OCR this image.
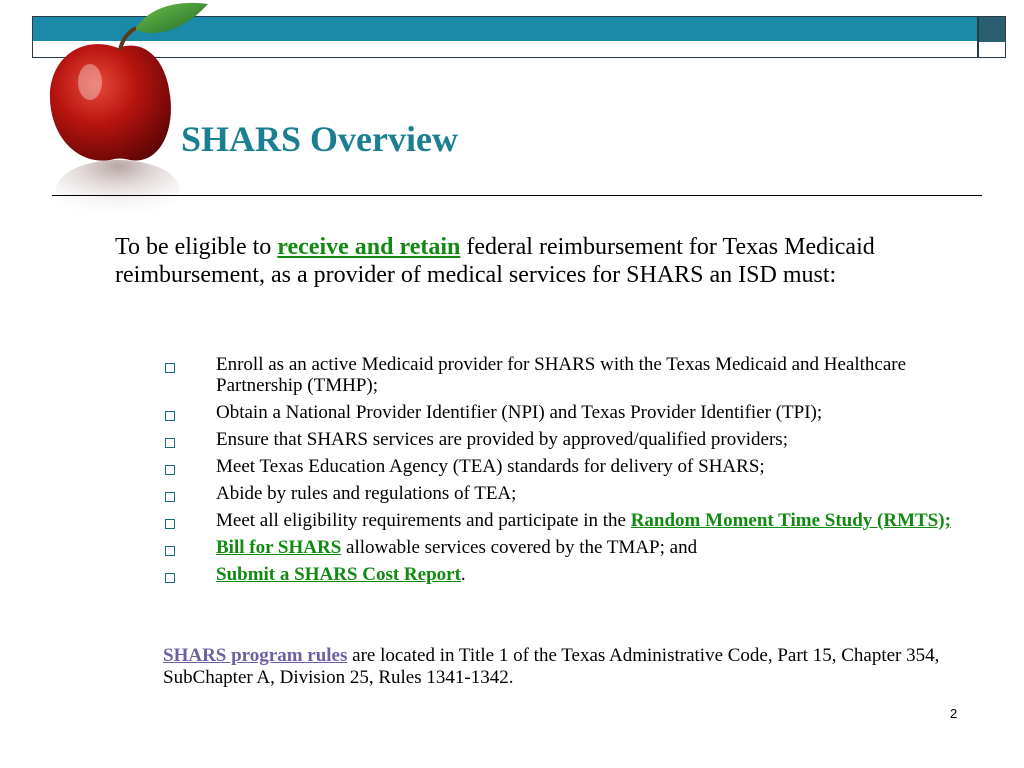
SHARS Overview

To be eligible to receive and retain federal reimbursement for Texas Medicaid reimbursement, as a provider of medical services for SHARS an ISD must:

Enroll as an active Medicaid provider for SHARS with the Texas Medicaid and Healthcare Partnership (TMHP);
Obtain a National Provider Identifier (NPI) and Texas Provider Identifier (TPI);
Ensure that SHARS services are provided by approved/qualified providers;
Meet Texas Education Agency (TEA) standards for delivery of SHARS;
Abide by rules and regulations of TEA;
Meet all eligibility requirements and participate in the Random Moment Time Study (RMTS);
Bill for SHARS allowable services covered by the TMAP; and
Submit a SHARS Cost Report.

SHARS program rules are located in Title 1 of the Texas Administrative Code, Part 15, Chapter 354, SubChapter A, Division 25, Rules 1341-1342.

2
